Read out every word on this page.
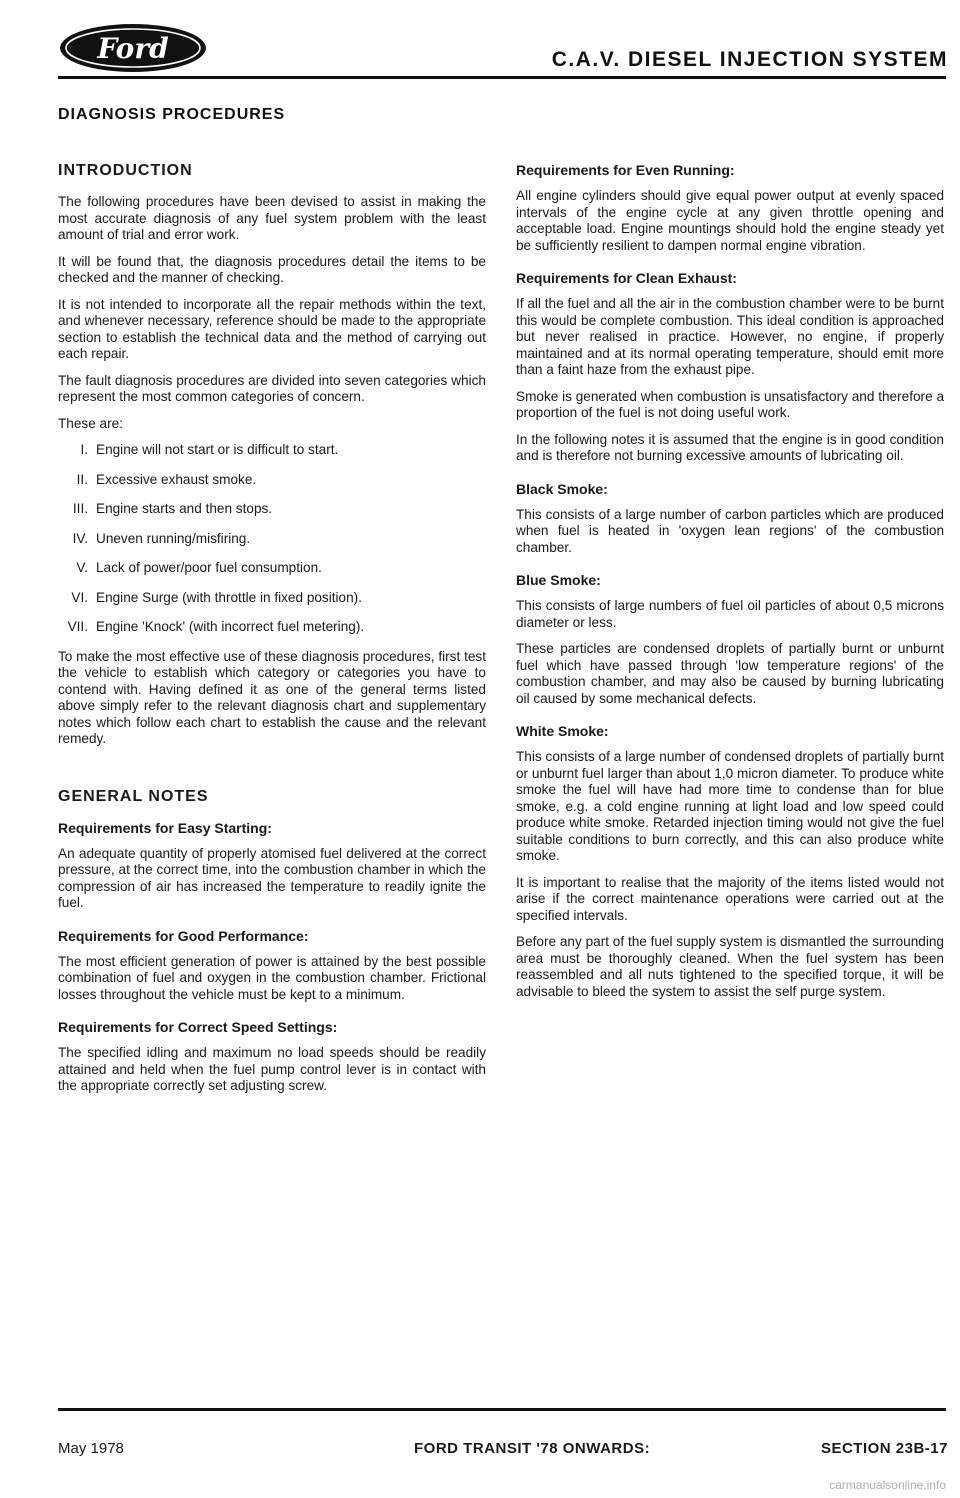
Ford	C.A.V. DIESEL INJECTION SYSTEM
DIAGNOSIS PROCEDURES
INTRODUCTION

The following procedures have been devised to assist in making the most accurate diagnosis of any fuel system problem with the least amount of trial and error work.

It will be found that, the diagnosis procedures detail the items to be checked and the manner of checking.

It is not intended to incorporate all the repair methods within the text, and whenever necessary, reference should be made to the appropriate section to establish the technical data and the method of carrying out each repair.

The fault diagnosis procedures are divided into seven categories which represent the most common categories of concern.

These are:

I. Engine will not start or is difficult to start.
II. Excessive exhaust smoke.
III. Engine starts and then stops.
IV. Uneven running/misfiring.
V. Lack of power/poor fuel consumption.
VI. Engine Surge (with throttle in fixed position).
VII. Engine 'Knock' (with incorrect fuel metering).

To make the most effective use of these diagnosis procedures, first test the vehicle to establish which category or categories you have to contend with. Having defined it as one of the general terms listed above simply refer to the relevant diagnosis chart and supplementary notes which follow each chart to establish the cause and the relevant remedy.

GENERAL NOTES
Requirements for Easy Starting:

An adequate quantity of properly atomised fuel delivered at the correct pressure, at the correct time, into the combustion chamber in which the compression of air has increased the temperature to readily ignite the fuel.

Requirements for Good Performance:

The most efficient generation of power is attained by the best possible combination of fuel and oxygen in the combustion chamber. Frictional losses throughout the vehicle must be kept to a minimum.

Requirements for Correct Speed Settings:

The specified idling and maximum no load speeds should be readily attained and held when the fuel pump control lever is in contact with the appropriate correctly set adjusting screw.

Requirements for Even Running:

All engine cylinders should give equal power output at evenly spaced intervals of the engine cycle at any given throttle opening and acceptable load. Engine mountings should hold the engine steady yet be sufficiently resilient to dampen normal engine vibration.

Requirements for Clean Exhaust:

If all the fuel and all the air in the combustion chamber were to be burnt this would be complete combustion. This ideal condition is approached but never realised in practice. However, no engine, if properly maintained and at its normal operating temperature, should emit more than a faint haze from the exhaust pipe.

Smoke is generated when combustion is unsatisfactory and therefore a proportion of the fuel is not doing useful work.

In the following notes it is assumed that the engine is in good condition and is therefore not burning excessive amounts of lubricating oil.

Black Smoke:

This consists of a large number of carbon particles which are produced when fuel is heated in 'oxygen lean regions' of the combustion chamber.

Blue Smoke:

This consists of large numbers of fuel oil particles of about 0,5 microns diameter or less.

These particles are condensed droplets of partially burnt or unburnt fuel which have passed through 'low temperature regions' of the combustion chamber, and may also be caused by burning lubricating oil caused by some mechanical defects.

White Smoke:

This consists of a large number of condensed droplets of partially burnt or unburnt fuel larger than about 1,0 micron diameter. To produce white smoke the fuel will have had more time to condense than for blue smoke, e.g. a cold engine running at light load and low speed could produce white smoke. Retarded injection timing would not give the fuel suitable conditions to burn correctly, and this can also produce white smoke.

It is important to realise that the majority of the items listed would not arise if the correct maintenance operations were carried out at the specified intervals.

Before any part of the fuel supply system is dismantled the surrounding area must be thoroughly cleaned. When the fuel system has been reassembled and all nuts tightened to the specified torque, it will be advisable to bleed the system to assist the self purge system.

May 1978	FORD TRANSIT '78 ONWARDS:	SECTION 23B-17
carmanualsonline.info
